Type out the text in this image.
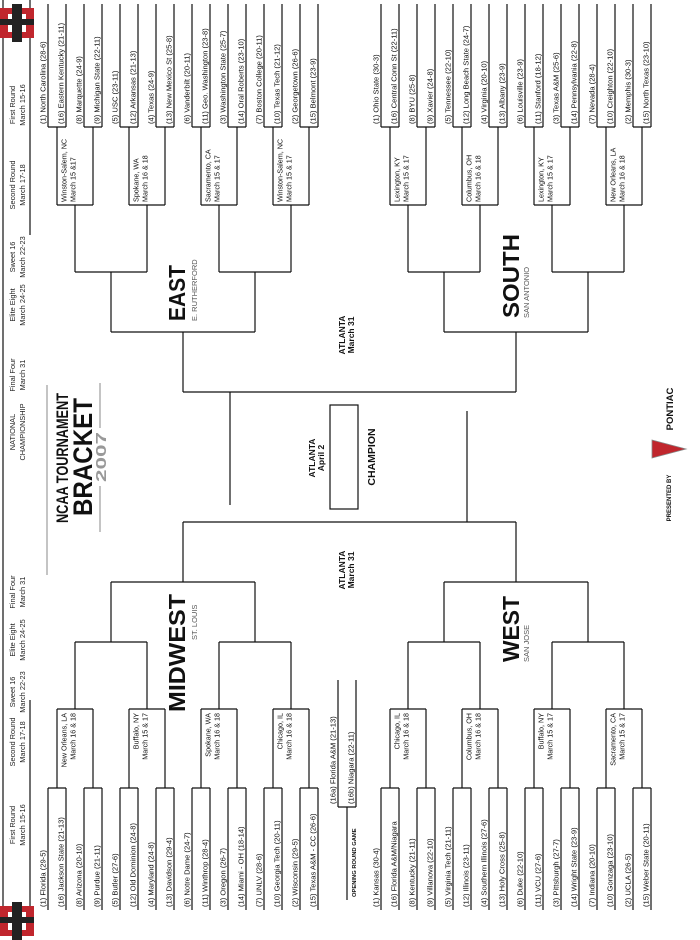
First Round March 15-16
Second Round March 17-18
Sweet 16 March 22-23
Elite Eight March 24-25
Final Four March 31
Final Four March 31
Elite Eight March 24-25
Sweet 16 March 22-23
Second Round March 17-18
First Round March 15-16
NATIONAL CHAMPIONSHIP NCAA TOURNAMENT
BRACKET
2007
MIDWEST ST. LOUIS
EAST E. RUTHERFORD	SOUTH
SAN ANTONIO
WEST
SAN JOSE
ATLANTA March 31
ATLANTA March 31
ATLANTA April 2	CHAMPION
(16a) Florida A&M (21-13) (16b) Niagara (22-11)
OPENING ROUND GAME
PRESENTED BY
PONTIAC
(1) Florida (29-5) (16) Jackson State (21-13) (8) Arizona (20-10) (9) Purdue (21-11) (5) Butler (27-6) (12) Old Dominion (24-8) (4) Maryland (24-8) (13) Davidson (29-4) (6) Notre Dame (24-7) (11) Winthrop (28-4) (3) Oregon (26-7) (14) Miami - OH (18-14) (7) UNLV (28-6) (10) Georgia Tech (20-11) (2) Wisconsin (29-5) (15) Texas A&M - CC (26-6)
New Orleans, LA March 16 & 18	Buffalo, NY March 15 & 17	Spokane, WA March 16 & 18	Chicago, IL March 16 & 18
(1) Kansas (30-4) (16) Florida A&M/Niagara (8) Kentucky (21-11) (9) Villanova (22-10) (5) Virginia Tech (21-11) (12) Illinois (23-11) (4) Southern Illinois (27-6) (13) Holy Cross (25-8) (6) Duke (22-10) (11) VCU (27-6) (3) Pittsburgh (27-7) (14) Wright State (23-9) (7) Indiana (20-10) (10) Gonzaga (23-10) (2) UCLA (26-5) (15) Weber State (20-11)
Chicago, IL March 16 & 18	Columbus, OH March 16 & 18	Buffalo, NY March 15 & 17	Sacramento, CA March 15 & 17
(1) North Carolina (28-6) (16) Eastern Kentucky (21-11) (8) Marquette (24-9) (9) Michigan State (22-11) (5) USC (23-11) (12) Arkansas (21-13) (4) Texas (24-9) (13) New Mexico St (25-8) (6) Vanderbilt (20-11) (11) Geo. Washington (23-8) (3) Washington State (25-7) (14) Oral Roberts (23-10) (7) Boston College (20-11) (10) Texas Tech (21-12) (2) Georgetown (26-6) (15) Belmont (23-9)
Winston-Salem, NC March 15 &17	Spokane, WA March 16 & 18	Sacramento, CA March 15 & 17	Winston-Salem, NC March 15 & 17
(1) Ohio State (30-3) (16) Central Conn St (22-11) (8) BYU (25-8) (9) Xavier (24-8) (5) Tennessee (22-10) (12) Long Beach State (24-7) (4) Virginia (20-10) (13) Albany (23-9) (6) Louisville (23-9) (11) Stanford (18-12) (3) Texas A&M (25-6) (14) Pennsylvania (22-8) (7) Nevada (28-4) (10) Creighton (22-10) (2) Memphis (30-3) (15) North Texas (23-10)
Lexington, KY March 15 & 17	Columbus, OH March 16 & 18	Lexington, KY March 15 & 17	New Orleans, LA March 16 & 18
